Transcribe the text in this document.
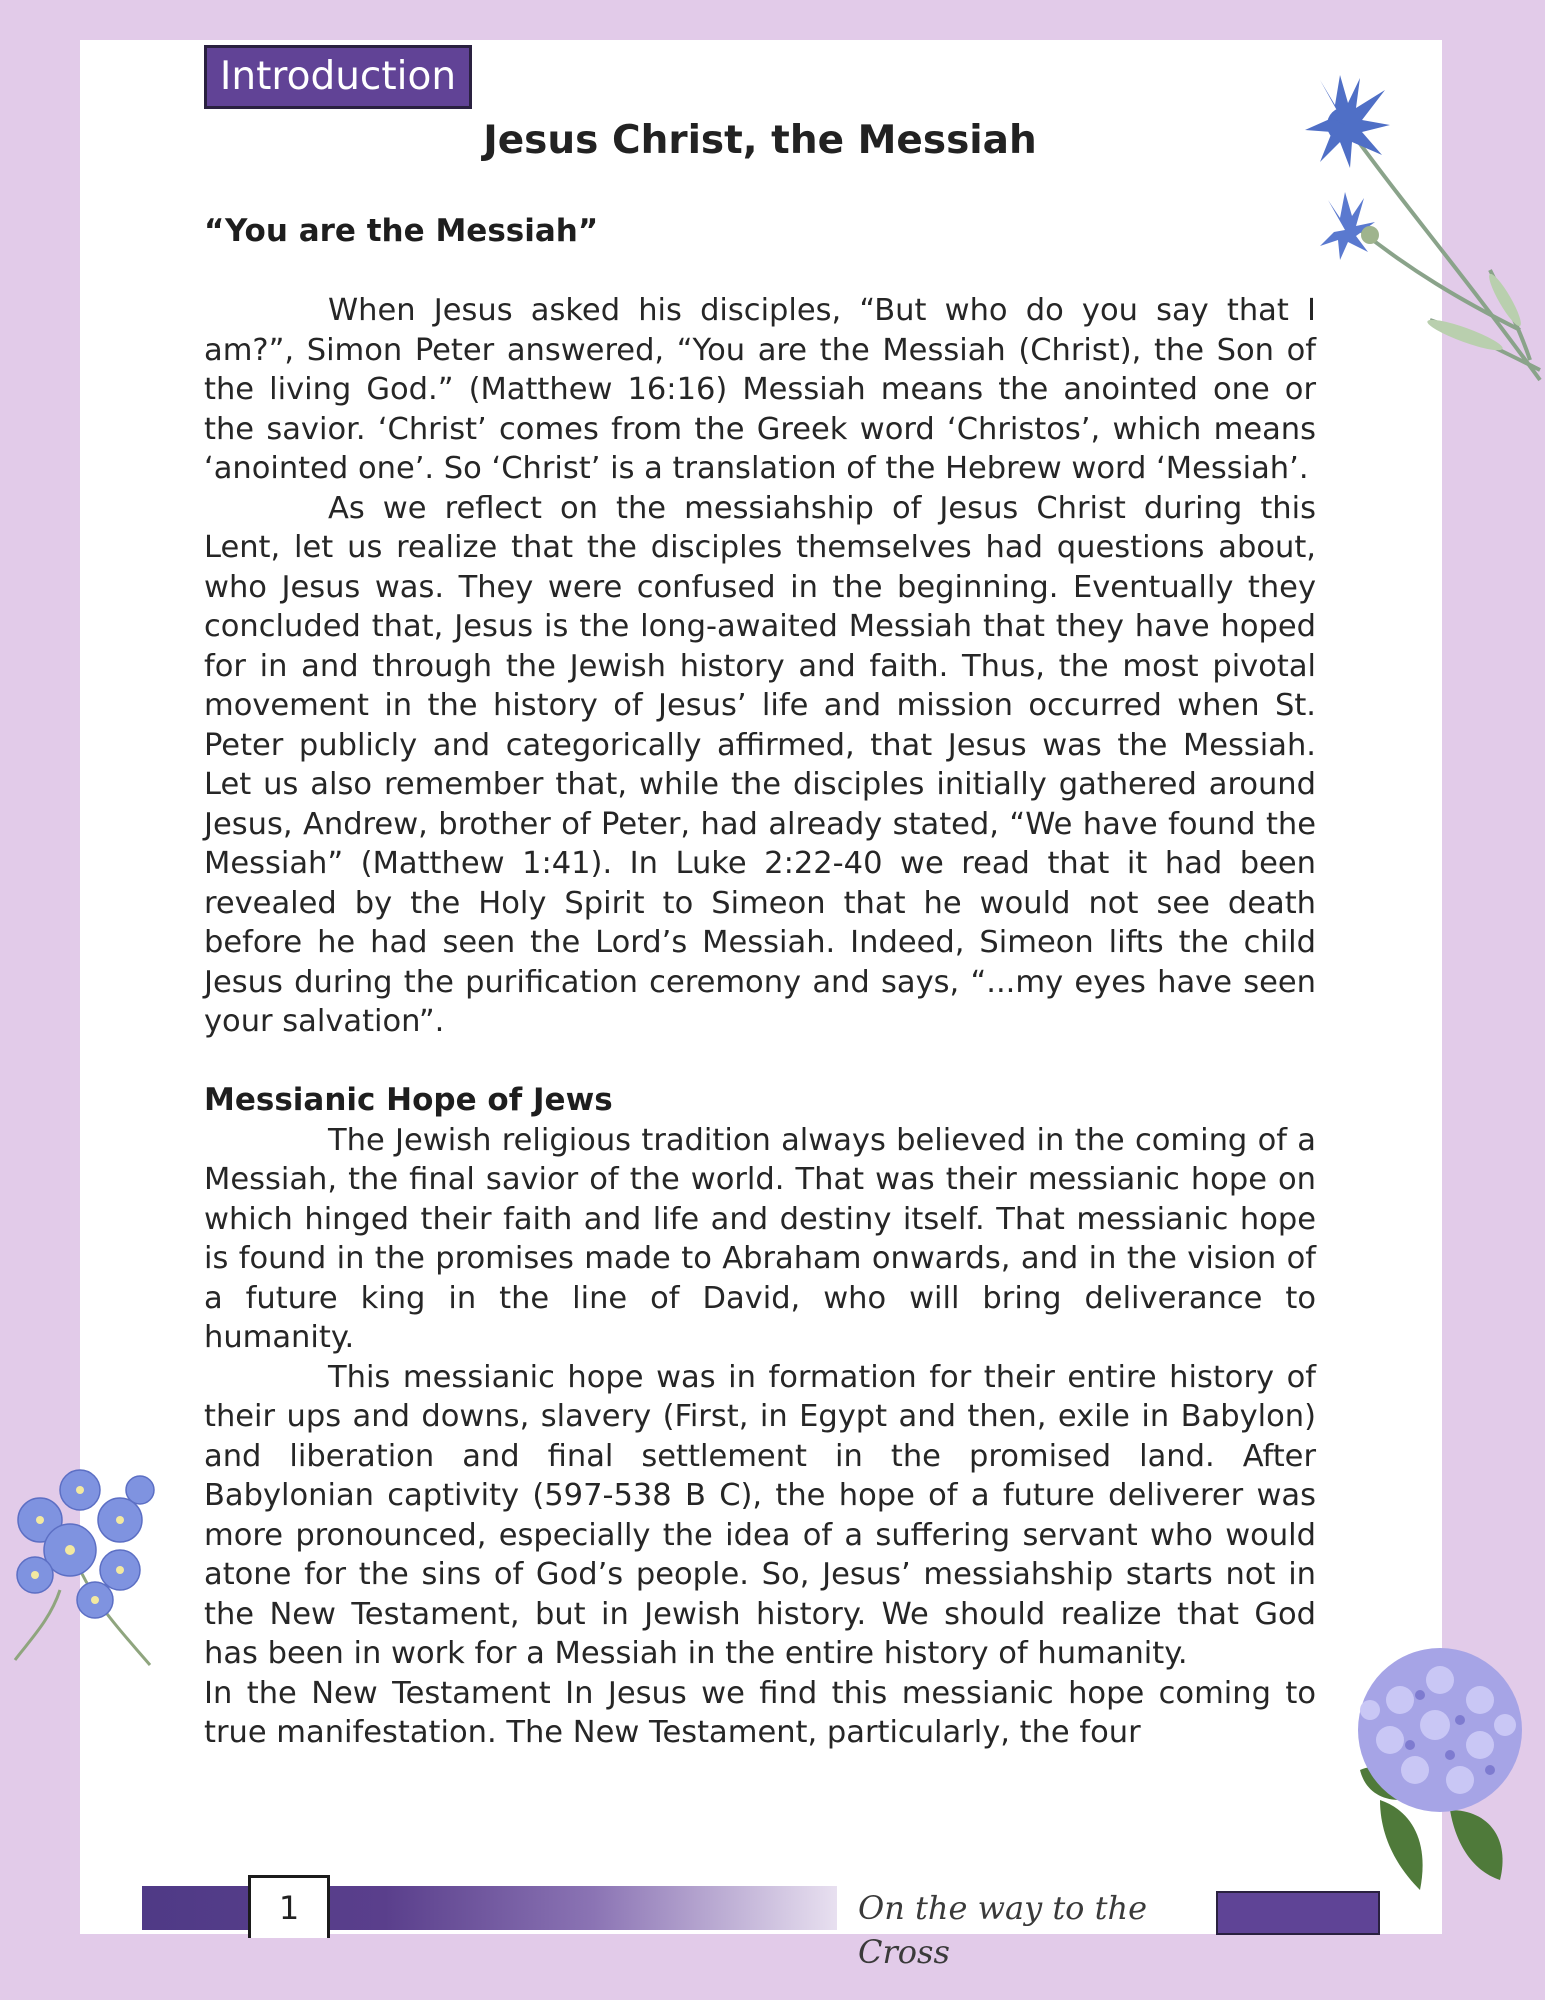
Introduction
Jesus Christ, the Messiah
“You are the Messiah”

When Jesus asked his disciples, “But who do you say that I am?”, Simon Peter answered, “You are the Messiah (Christ), the Son of the living God.” (Matthew 16:16) Messiah means the anointed one or the savior. ‘Christ’ comes from the Greek word ‘Christos’, which means ‘anointed one’. So ‘Christ’ is a translation of the Hebrew word ‘Messiah’.

As we reflect on the messiahship of Jesus Christ during this Lent, let us realize that the disciples themselves had questions about, who Jesus was. They were confused in the beginning. Eventually they concluded that, Jesus is the long-awaited Messiah that they have hoped for in and through the Jewish history and faith. Thus, the most pivotal movement in the history of Jesus’ life and mission occurred when St. Peter publicly and categorically affirmed, that Jesus was the Messiah. Let us also remember that, while the disciples initially gathered around Jesus, Andrew, brother of Peter, had already stated, “We have found the Messiah” (Matthew 1:41). In Luke 2:22-40 we read that it had been revealed by the Holy Spirit to Simeon that he would not see death before he had seen the Lord’s Messiah. Indeed, Simeon lifts the child Jesus during the purification ceremony and says, “...my eyes have seen your salvation”.

Messianic Hope of Jews

The Jewish religious tradition always believed in the coming of a Messiah, the final savior of the world. That was their messianic hope on which hinged their faith and life and destiny itself. That messianic hope is found in the promises made to Abraham onwards, and in the vision of a future king in the line of David, who will bring deliverance to humanity.

This messianic hope was in formation for their entire history of their ups and downs, slavery (First, in Egypt and then, exile in Babylon) and liberation and final settlement in the promised land. After Babylonian captivity (597-538 B C), the hope of a future deliverer was more pronounced, especially the idea of a suffering servant who would atone for the sins of God’s people. So, Jesus’ messiahship starts not in the New Testament, but in Jewish history. We should realize that God has been in work for a Messiah in the entire history of humanity.

In the New Testament In Jesus we find this messianic hope coming to true manifestation. The New Testament, particularly, the four

1	On the way to the Cross
